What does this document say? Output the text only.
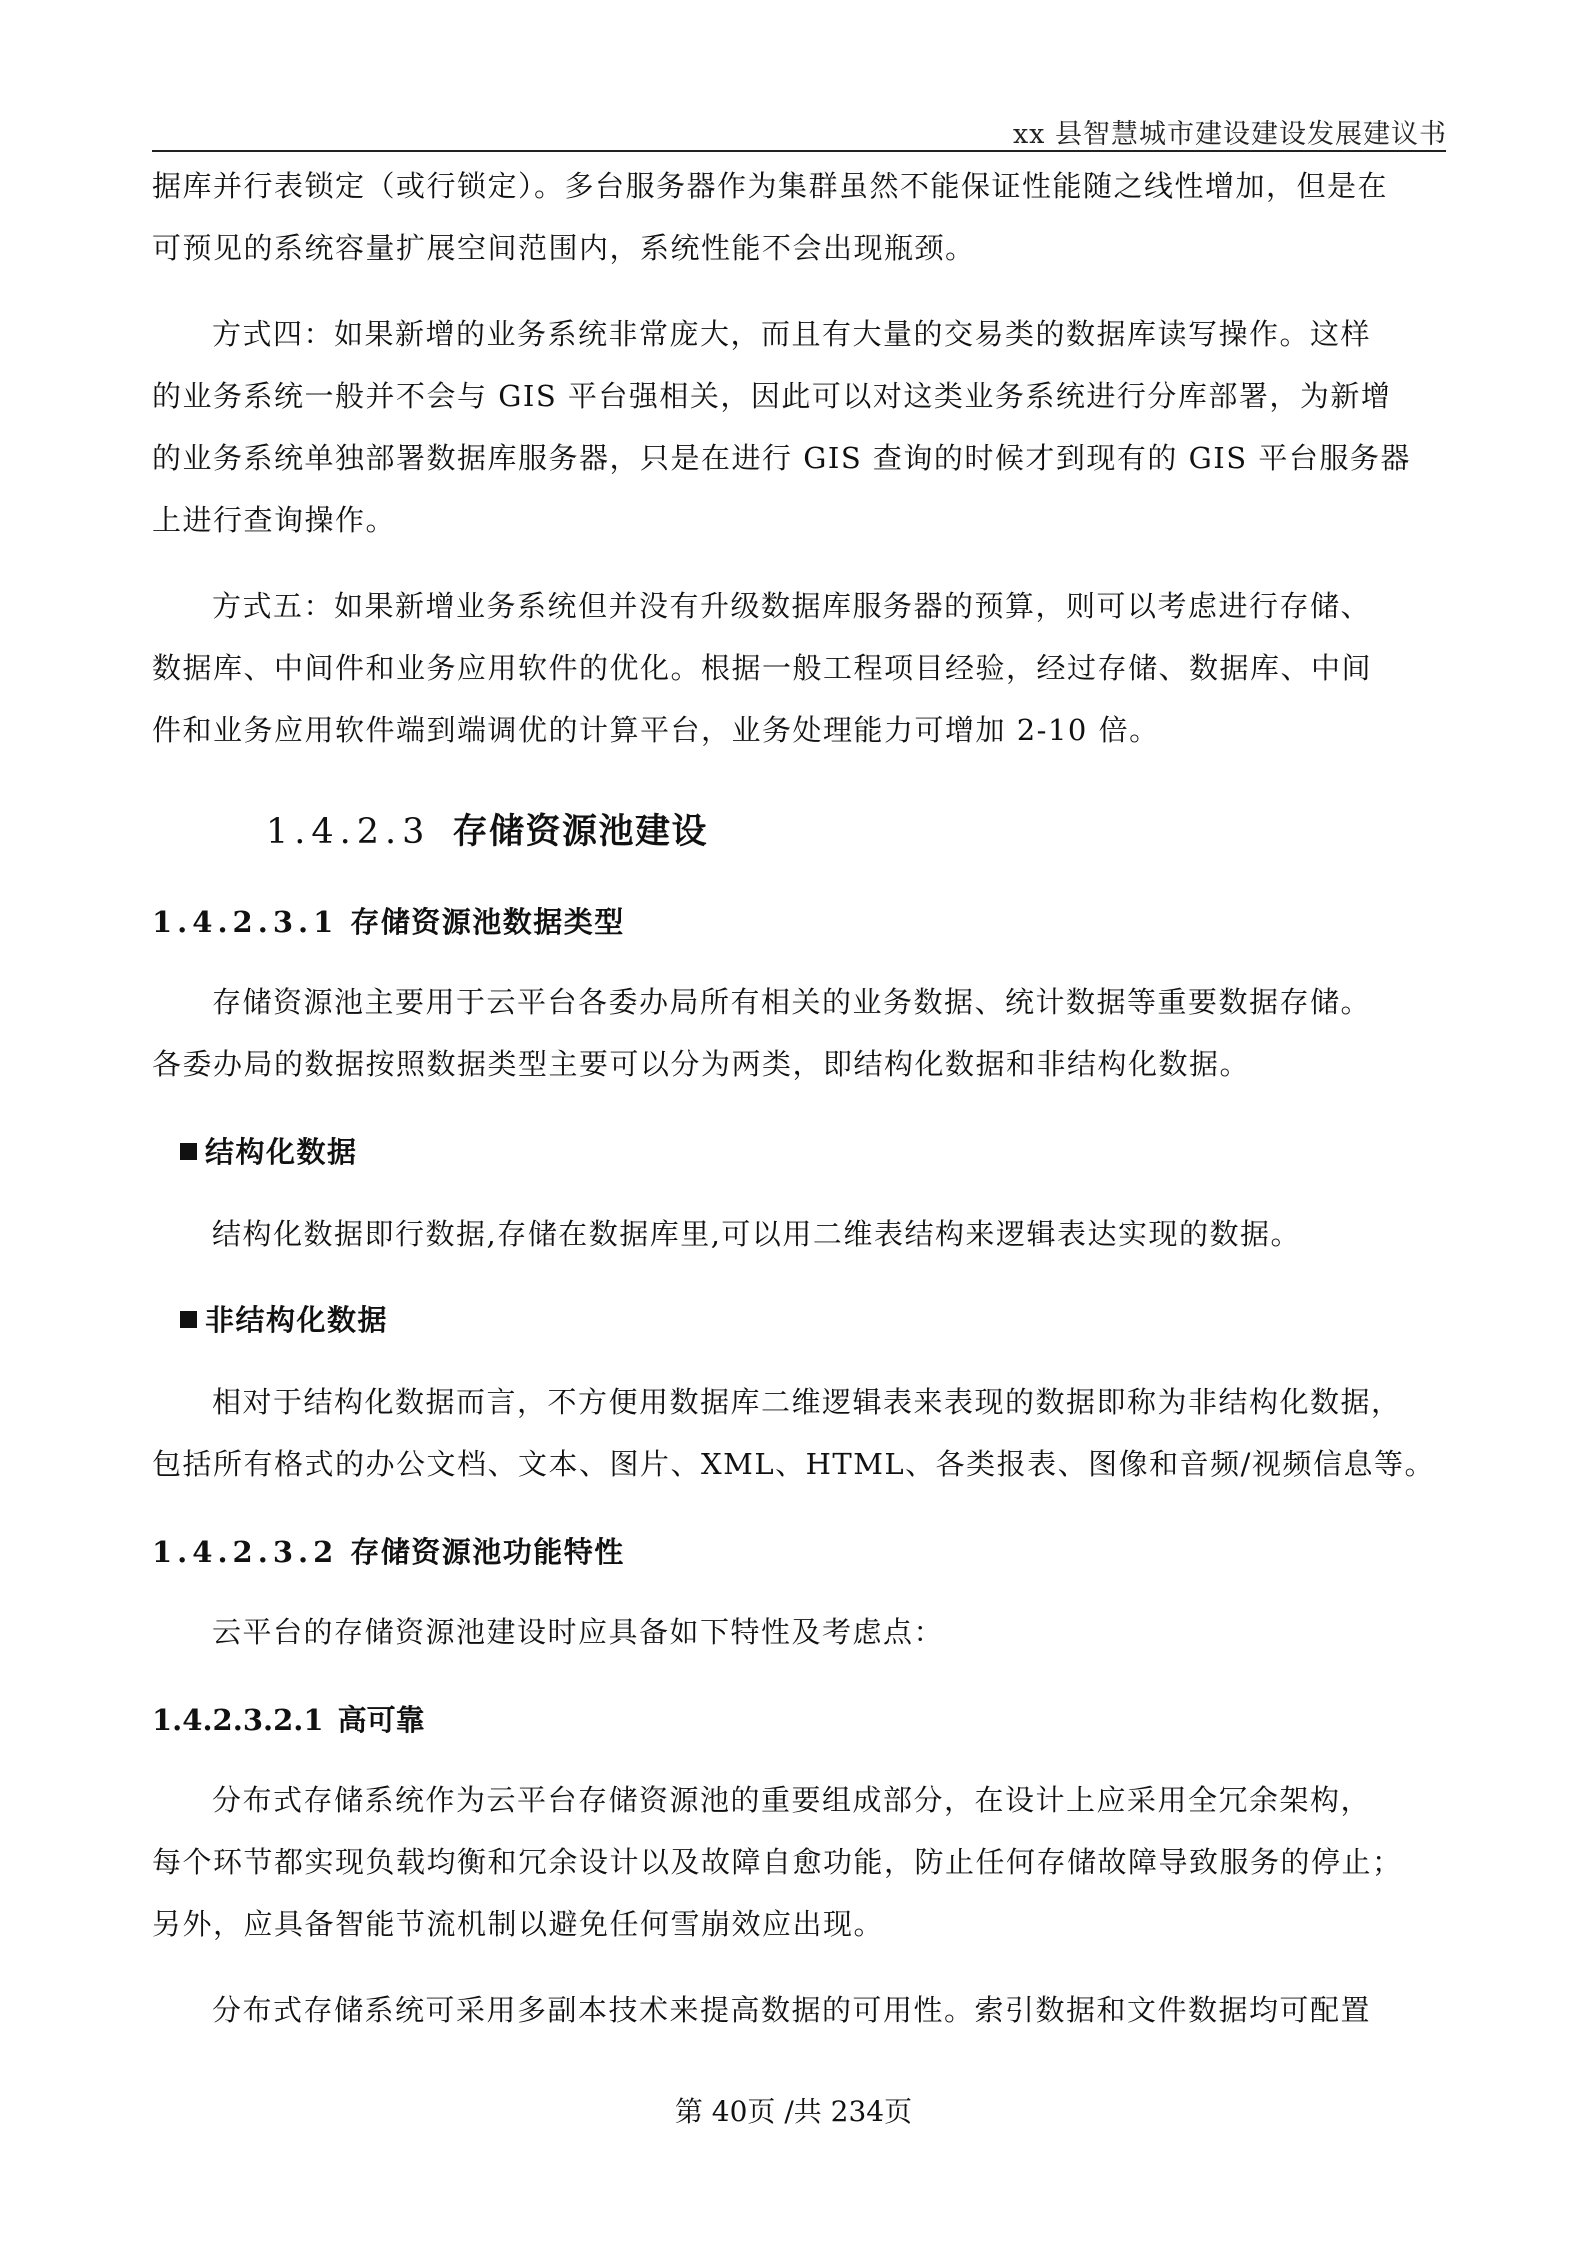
xx 县智慧城市建设建设发展建议书
据库并行表锁定（或行锁定）。多台服务器作为集群虽然不能保证性能随之线性增加，但是在
可预见的系统容量扩展空间范围内，系统性能不会出现瓶颈。
方式四：如果新增的业务系统非常庞大，而且有大量的交易类的数据库读写操作。这样
的业务系统一般并不会与 GIS 平台强相关，因此可以对这类业务系统进行分库部署，为新增
的业务系统单独部署数据库服务器，只是在进行 GIS 查询的时候才到现有的 GIS 平台服务器
上进行查询操作。
方式五：如果新增业务系统但并没有升级数据库服务器的预算，则可以考虑进行存储、
数据库、中间件和业务应用软件的优化。根据一般工程项目经验，经过存储、数据库、中间
件和业务应用软件端到端调优的计算平台，业务处理能力可增加 2-10 倍。
1.4.2.3 存储资源池建设
1.4.2.3.1 存储资源池数据类型
存储资源池主要用于云平台各委办局所有相关的业务数据、统计数据等重要数据存储。
各委办局的数据按照数据类型主要可以分为两类，即结构化数据和非结构化数据。
结构化数据
结构化数据即行数据,存储在数据库里,可以用二维表结构来逻辑表达实现的数据。
非结构化数据
相对于结构化数据而言，不方便用数据库二维逻辑表来表现的数据即称为非结构化数据，
包括所有格式的办公文档、文本、图片、XML、HTML、各类报表、图像和音频/视频信息等。
1.4.2.3.2 存储资源池功能特性
云平台的存储资源池建设时应具备如下特性及考虑点：
1.4.2.3.2.1 高可靠
分布式存储系统作为云平台存储资源池的重要组成部分，在设计上应采用全冗余架构，
每个环节都实现负载均衡和冗余设计以及故障自愈功能，防止任何存储故障导致服务的停止；
另外，应具备智能节流机制以避免任何雪崩效应出现。
分布式存储系统可采用多副本技术来提高数据的可用性。索引数据和文件数据均可配置
第 40页 /共 234页
